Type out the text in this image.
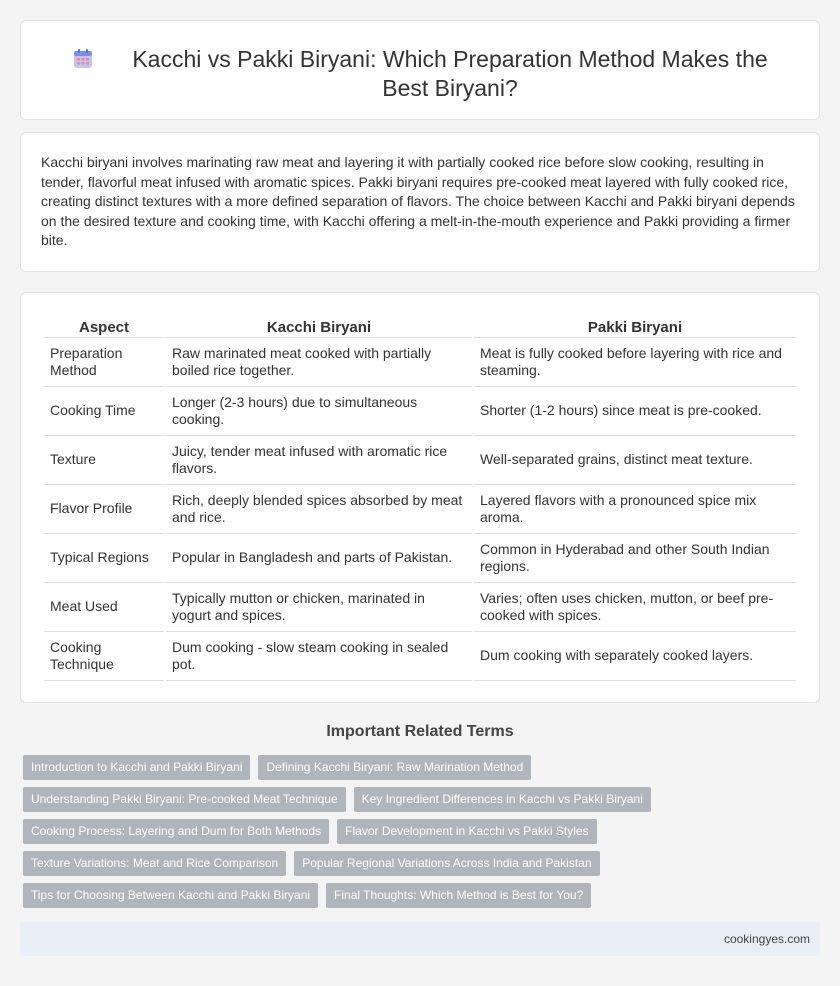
Kacchi vs Pakki Biryani: Which Preparation Method Makes the Best Biryani?

Kacchi biryani involves marinating raw meat and layering it with partially cooked rice before slow cooking, resulting in tender, flavorful meat infused with aromatic spices. Pakki biryani requires pre-cooked meat layered with fully cooked rice, creating distinct textures with a more defined separation of flavors. The choice between Kacchi and Pakki biryani depends on the desired texture and cooking time, with Kacchi offering a melt-in-the-mouth experience and Pakki providing a firmer bite.

Aspect	Kacchi Biryani	Pakki Biryani
Preparation Method	Raw marinated meat cooked with partially boiled rice together.	Meat is fully cooked before layering with rice and steaming.
Cooking Time	Longer (2-3 hours) due to simultaneous cooking.	Shorter (1-2 hours) since meat is pre-cooked.
Texture	Juicy, tender meat infused with aromatic rice flavors.	Well-separated grains, distinct meat texture.
Flavor Profile	Rich, deeply blended spices absorbed by meat and rice.	Layered flavors with a pronounced spice mix aroma.
Typical Regions	Popular in Bangladesh and parts of Pakistan.	Common in Hyderabad and other South Indian regions.
Meat Used	Typically mutton or chicken, marinated in yogurt and spices.	Varies; often uses chicken, mutton, or beef pre-cooked with spices.
Cooking Technique	Dum cooking - slow steam cooking in sealed pot.	Dum cooking with separately cooked layers.
Important Related Terms
Introduction to Kacchi and Pakki Biryani	Defining Kacchi Biryani: Raw Marination Method
Understanding Pakki Biryani: Pre-cooked Meat Technique	Key Ingredient Differences in Kacchi vs Pakki Biryani
Cooking Process: Layering and Dum for Both Methods	Flavor Development in Kacchi vs Pakki Styles
Texture Variations: Meat and Rice Comparison	Popular Regional Variations Across India and Pakistan
Tips for Choosing Between Kacchi and Pakki Biryani	Final Thoughts: Which Method is Best for You?
cookingyes.com
